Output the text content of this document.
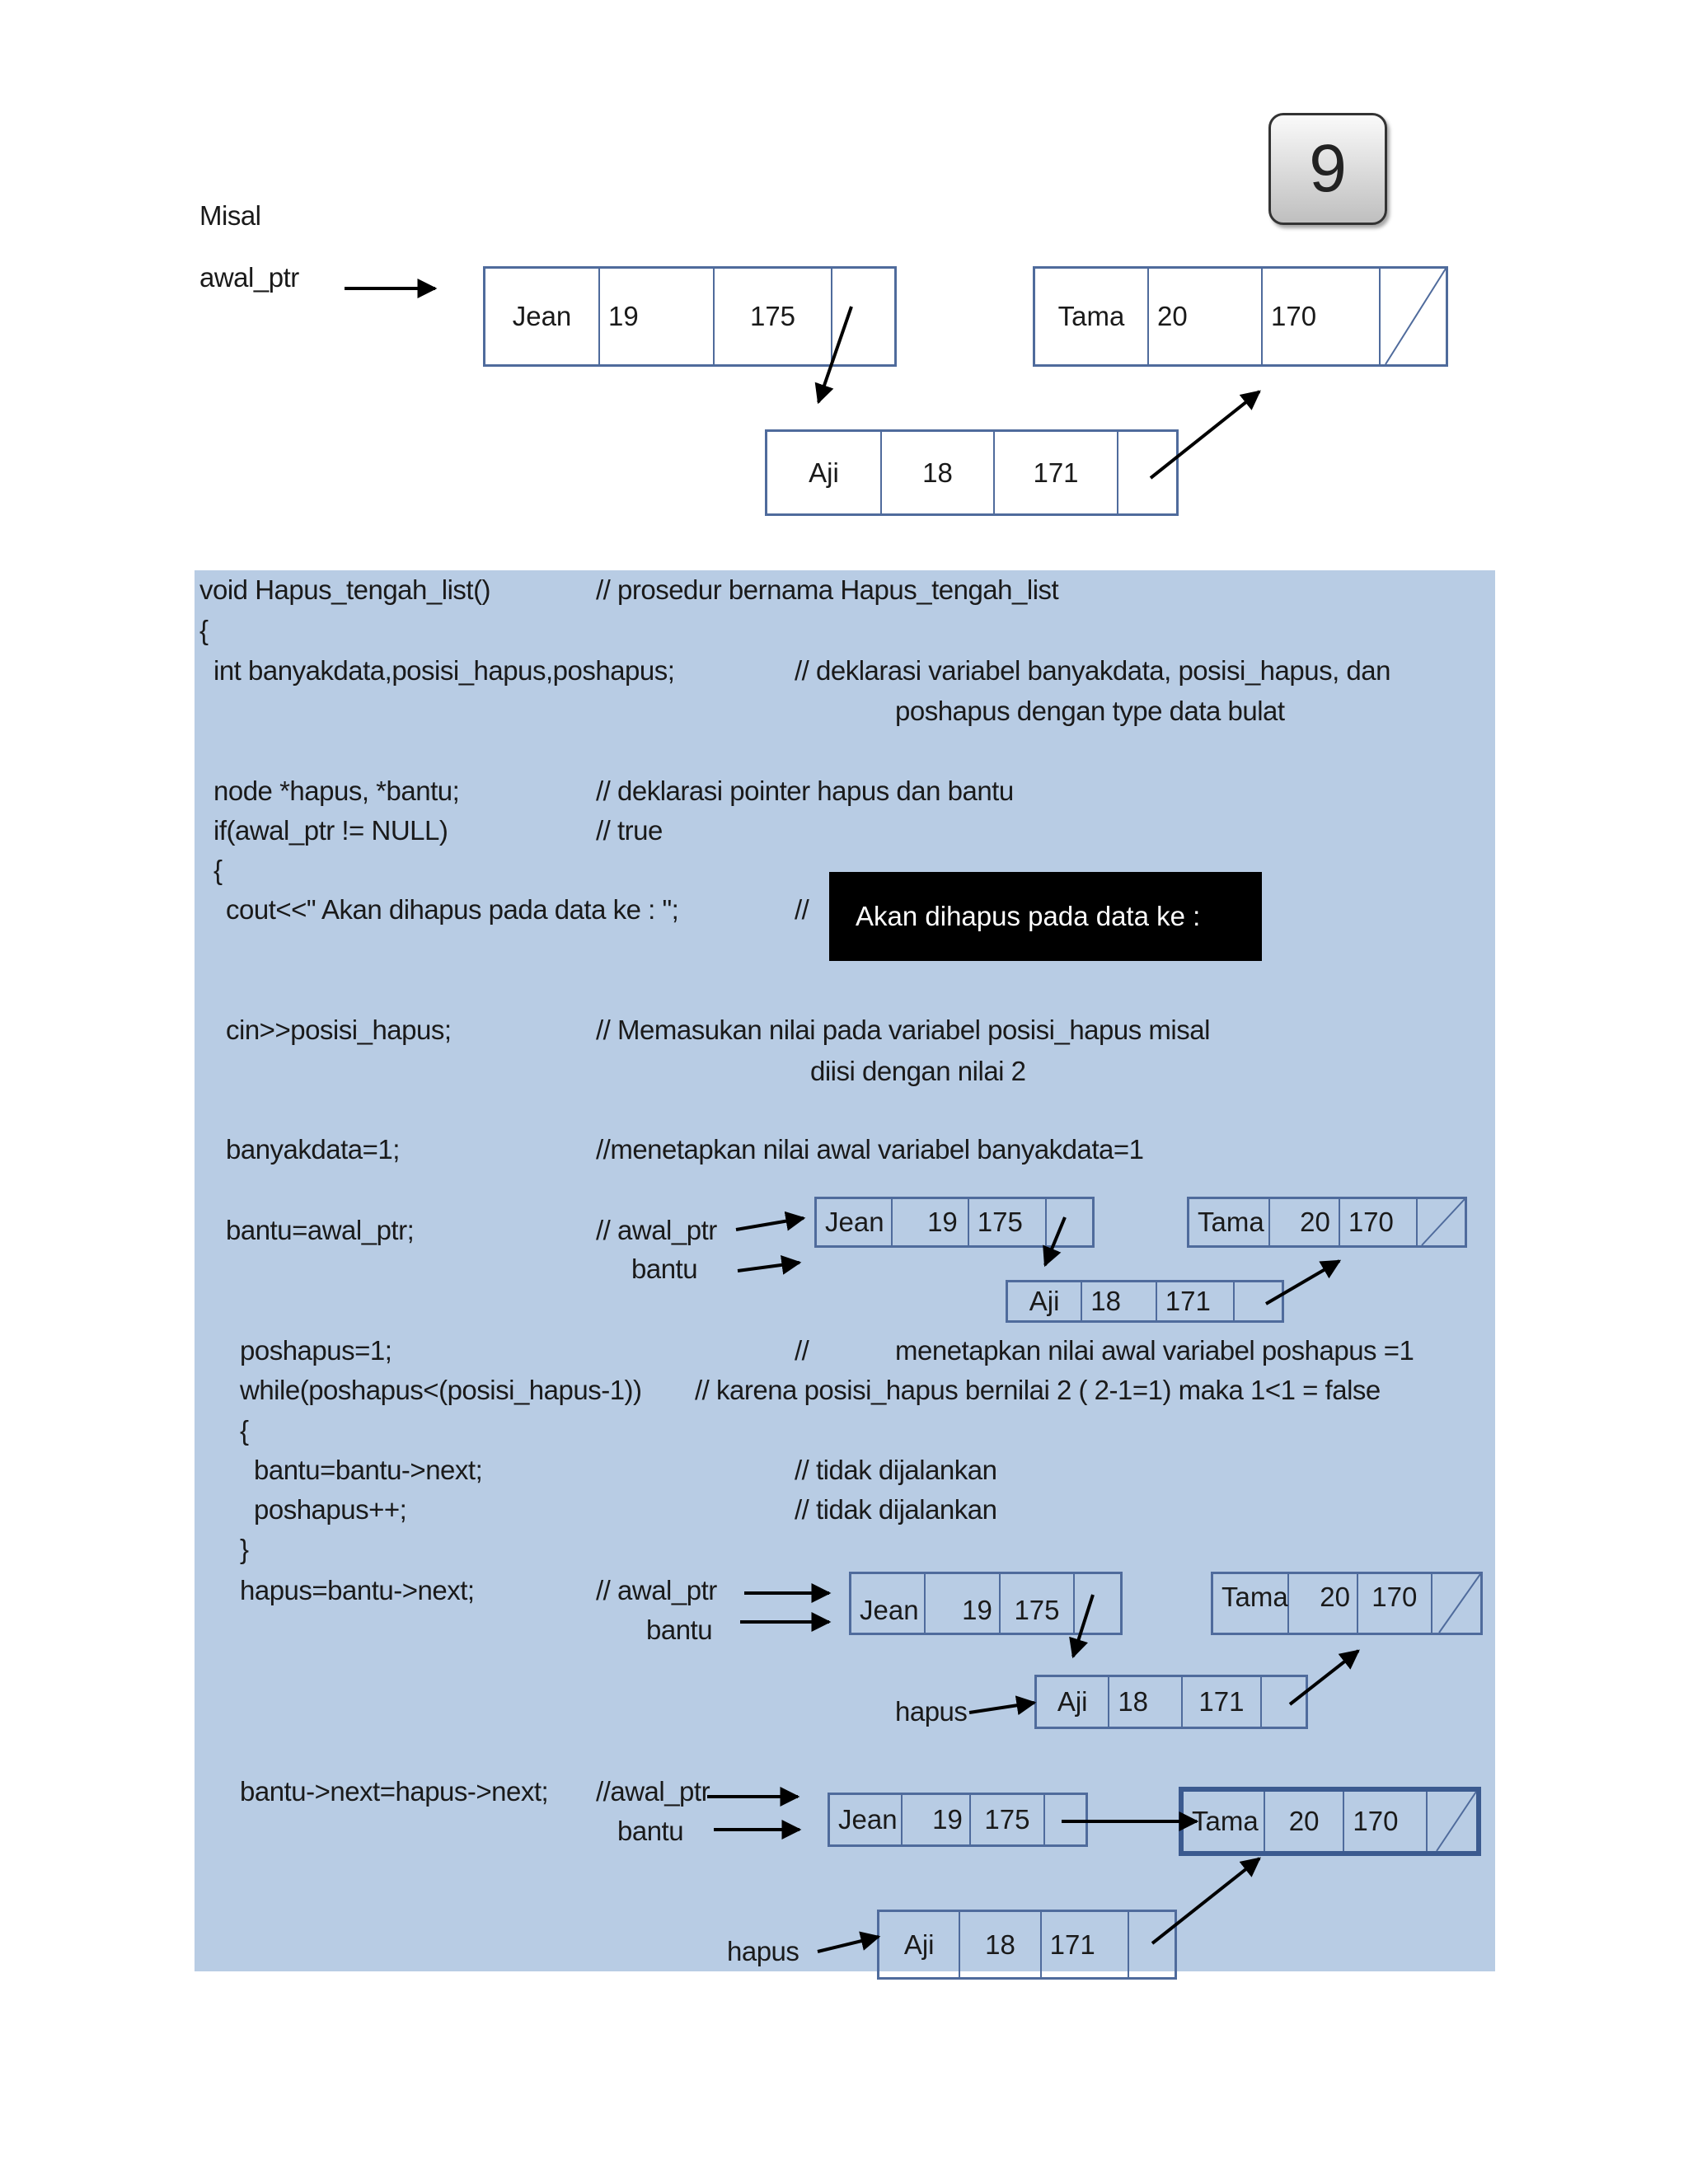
9
Misal
awal_ptr
Jean	19	175	Tama	20	170
Aji	18	171
void Hapus_tengah_list()	// prosedur bernama Hapus_tengah_list
{
int banyakdata,posisi_hapus,poshapus;	// deklarasi variabel banyakdata, posisi_hapus, dan
poshapus dengan type data bulat
node *hapus, *bantu;	// deklarasi pointer hapus dan bantu
if(awal_ptr != NULL)	// true
{
cout<<" Akan dihapus pada data ke : ";	// Akan dihapus pada data ke :
cin>>posisi_hapus;	// Memasukan nilai pada variabel posisi_hapus misal
diisi dengan nilai 2
banyakdata=1;	//menetapkan nilai awal variabel banyakdata=1
bantu=awal_ptr;	// awal_ptr
bantu
Jean	19 175	Tama	20 170
Aji	18	171
poshapus=1;	//	menetapkan nilai awal variabel poshapus =1
while(poshapus<(posisi_hapus-1)) // karena posisi_hapus bernilai 2 ( 2-1=1) maka 1<1 = false
{
bantu=bantu->next;	// tidak dijalankan
poshapus++;	// tidak dijalankan
}
hapus=bantu->next;	// awal_ptr
bantu
hapus
Jean	19 175	Tama	20 170
Aji	18	171
bantu->next=hapus->next; //awal_ptr
bantu
hapus
Jean	19 175	Tama	20	170
Aji	18	171
